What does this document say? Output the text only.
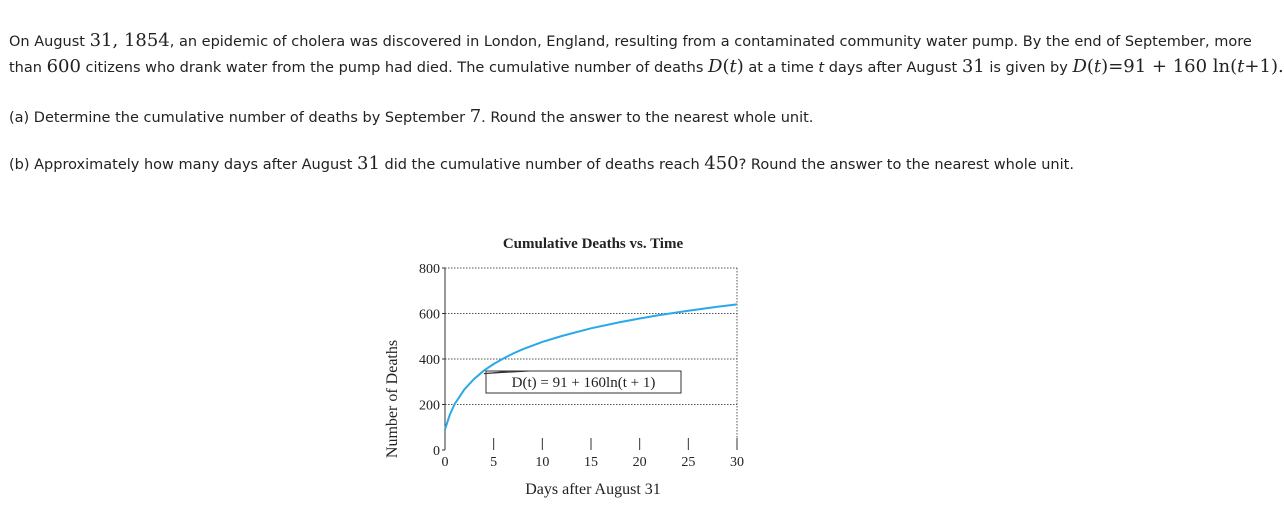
On August 31, 1854, an epidemic of cholera was discovered in London, England, resulting from a contaminated community water pump. By the end of September, more
than 600 citizens who drank water from the pump had died. The cumulative number of deaths D(t) at a time t days after August 31 is given by D(t)=91 + 160 ln(t+1).
(a) Determine the cumulative number of deaths by September 7. Round the answer to the nearest whole unit.
(b) Approximately how many days after August 31 did the cumulative number of deaths reach 450? Round the answer to the nearest whole unit.
Cumulative Deaths vs. Time
0
200
400
600
800
0	5	10 15 20 25 30
Days after August 31
Number of Deaths	D(t) = 91 + 160ln(t + 1)
